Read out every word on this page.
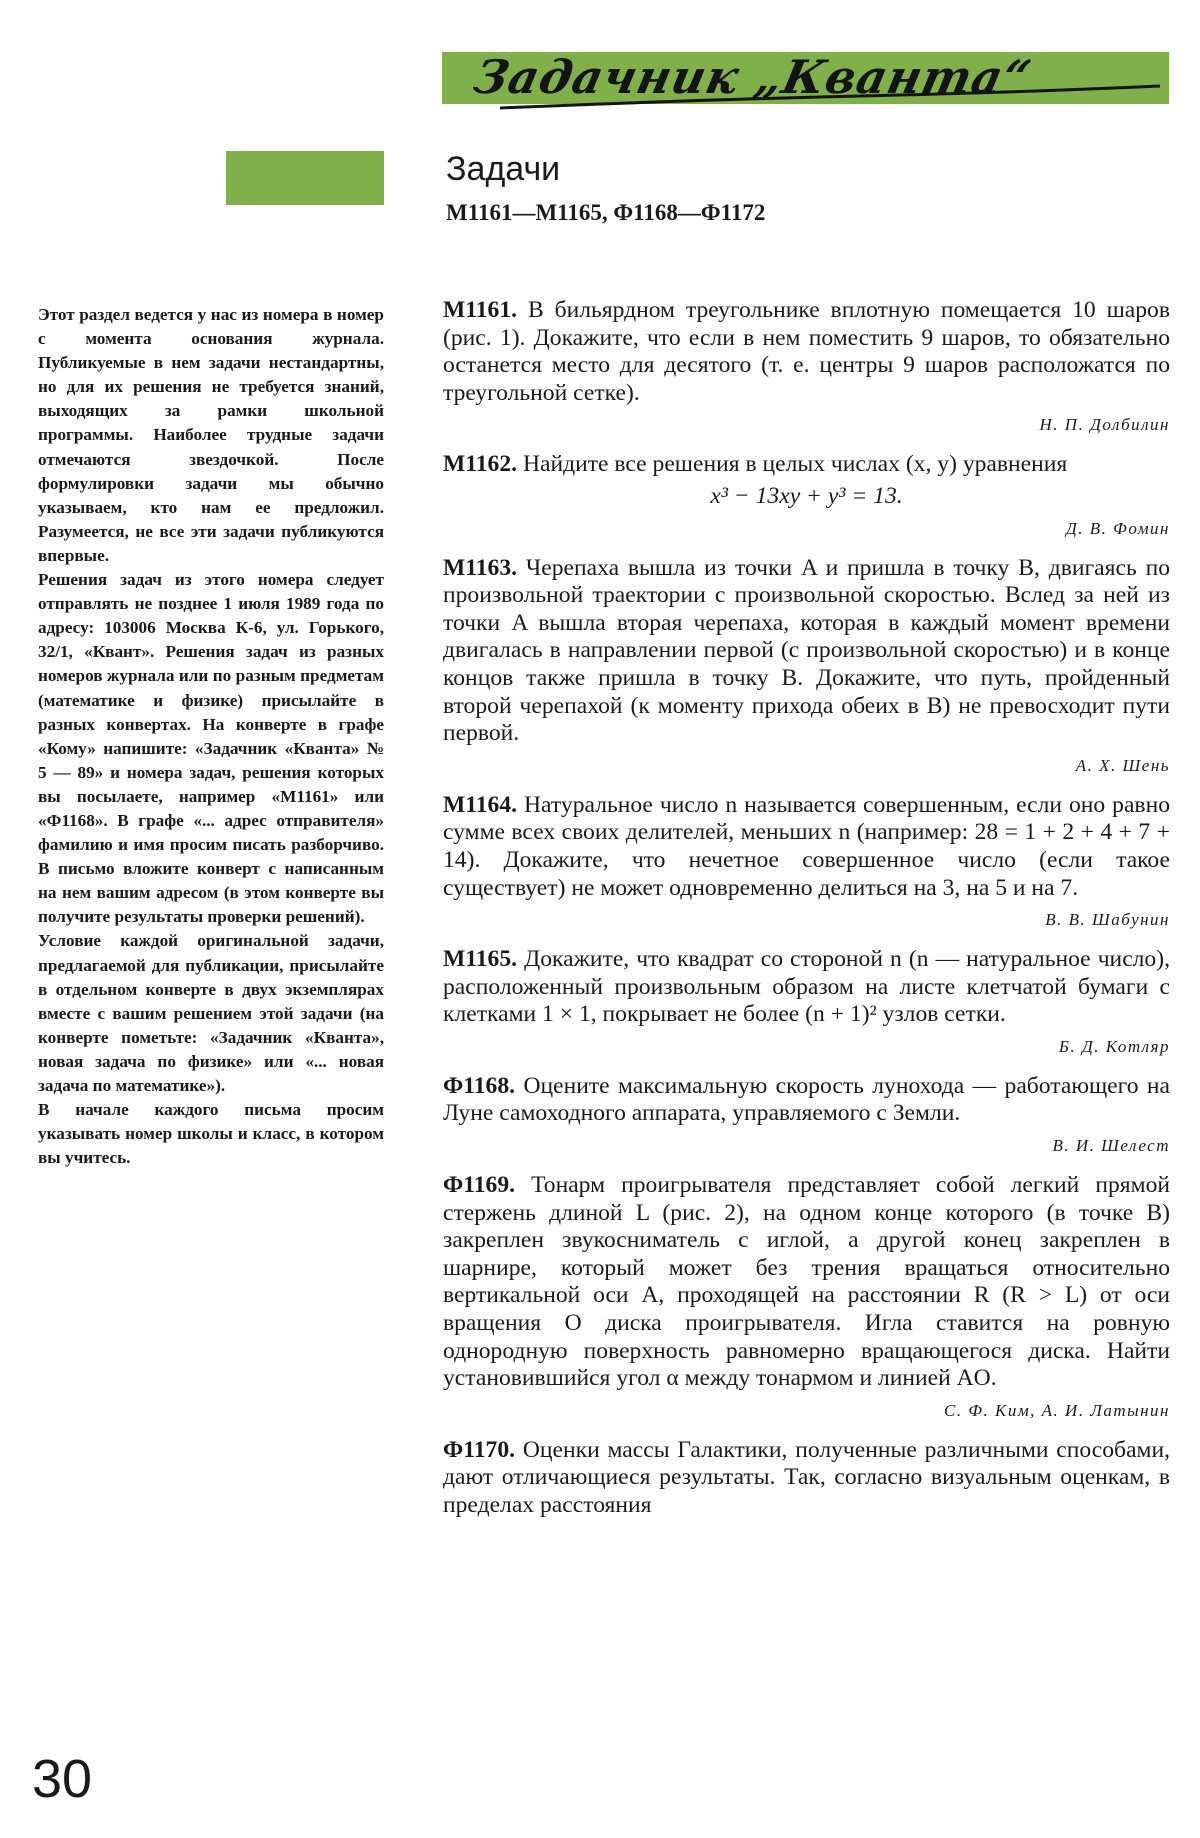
Задачник „Кванта“
Задачи
М1161—М1165, Ф1168—Ф1172

Этот раздел ведется у нас из номера в номер с момента основания журнала. Публикуемые в нем задачи нестандартны, но для их решения не требуется знаний, выходящих за рамки школьной программы. Наиболее трудные задачи отмечаются звездочкой. После формулировки задачи мы обычно указываем, кто нам ее предложил. Разумеется, не все эти задачи публикуются впервые.

Решения задач из этого номера следует отправлять не позднее 1 июля 1989 года по адресу: 103006 Москва К-6, ул. Горького, 32/1, «Квант». Решения задач из разных номеров журнала или по разным предметам (математике и физике) присылайте в разных конвертах. На конверте в графе «Кому» напишите: «Задачник «Кванта» № 5 — 89» и номера задач, решения которых вы посылаете, например «М1161» или «Ф1168». В графе «... адрес отправителя» фамилию и имя просим писать разборчиво. В письмо вложите конверт с написанным на нем вашим адресом (в этом конверте вы получите результаты проверки решений).

Условие каждой оригинальной задачи, предлагаемой для публикации, присылайте в отдельном конверте в двух экземплярах вместе с вашим решением этой задачи (на конверте пометьте: «Задачник «Кванта», новая задача по физике» или «... новая задача по математике»).

В начале каждого письма просим указывать номер школы и класс, в котором вы учитесь.

М1161. В бильярдном треугольнике вплотную помещается 10 шаров (рис. 1). Докажите, что если в нем поместить 9 шаров, то обязательно останется место для десятого (т. е. центры 9 шаров расположатся по треугольной сетке).

Н. П. Долбилин

М1162. Найдите все решения в целых числах (x, y) уравнения

x³ − 13xy + y³ = 13.
Д. В. Фомин

М1163. Черепаха вышла из точки A и пришла в точку B, двигаясь по произвольной траектории с произвольной скоростью. Вслед за ней из точки A вышла вторая черепаха, которая в каждый момент времени двигалась в направлении первой (с произвольной скоростью) и в конце концов также пришла в точку B. Докажите, что путь, пройденный второй черепахой (к моменту прихода обеих в B) не превосходит пути первой.

А. Х. Шень

М1164. Натуральное число n называется совершенным, если оно равно сумме всех своих делителей, меньших n (например: 28 = 1 + 2 + 4 + 7 + 14). Докажите, что нечетное совершенное число (если такое существует) не может одновременно делиться на 3, на 5 и на 7.

В. В. Шабунин

М1165. Докажите, что квадрат со стороной n (n — натуральное число), расположенный произвольным образом на листе клетчатой бумаги с клетками 1 × 1, покрывает не более (n + 1)² узлов сетки.

Б. Д. Котляр

Ф1168. Оцените максимальную скорость лунохода — работающего на Луне самоходного аппарата, управляемого с Земли.

В. И. Шелест

Ф1169. Тонарм проигрывателя представляет собой легкий прямой стержень длиной L (рис. 2), на одном конце которого (в точке B) закреплен звукосниматель с иглой, а другой конец закреплен в шарнире, который может без трения вращаться относительно вертикальной оси A, проходящей на расстоянии R (R > L) от оси вращения O диска проигрывателя. Игла ставится на ровную однородную поверхность равномерно вращающегося диска. Найти установившийся угол α между тонармом и линией AO.

С. Ф. Ким, А. И. Латынин

Ф1170. Оценки массы Галактики, полученные различными способами, дают отличающиеся результаты. Так, согласно визуальным оценкам, в пределах расстояния

30
